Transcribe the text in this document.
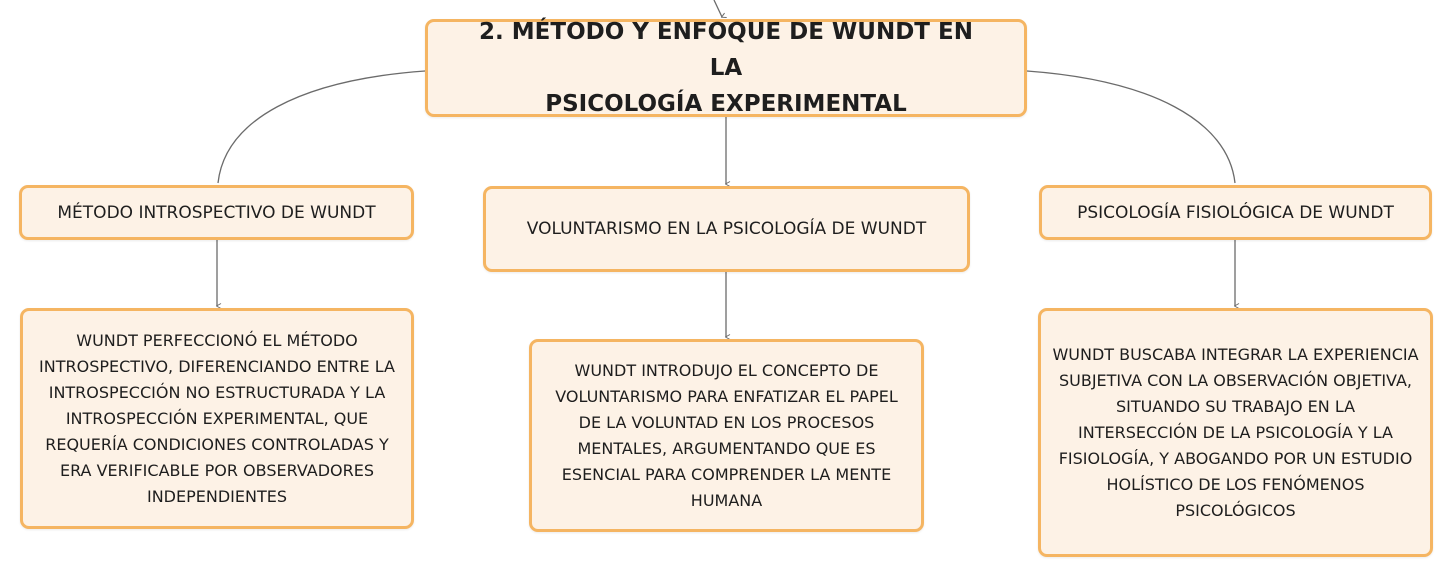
2. MÉTODO Y ENFOQUE DE WUNDT EN LA
PSICOLOGÍA EXPERIMENTAL
MÉTODO INTROSPECTIVO DE WUNDT
VOLUNTARISMO EN LA PSICOLOGÍA DE WUNDT
PSICOLOGÍA FISIOLÓGICA DE WUNDT
WUNDT PERFECCIONÓ EL MÉTODO
INTROSPECTIVO, DIFERENCIANDO ENTRE LA
INTROSPECCIÓN NO ESTRUCTURADA Y LA
INTROSPECCIÓN EXPERIMENTAL, QUE
REQUERÍA CONDICIONES CONTROLADAS Y
ERA VERIFICABLE POR OBSERVADORES
INDEPENDIENTES
WUNDT INTRODUJO EL CONCEPTO DE
VOLUNTARISMO PARA ENFATIZAR EL PAPEL
DE LA VOLUNTAD EN LOS PROCESOS
MENTALES, ARGUMENTANDO QUE ES
ESENCIAL PARA COMPRENDER LA MENTE
HUMANA
WUNDT BUSCABA INTEGRAR LA EXPERIENCIA
SUBJETIVA CON LA OBSERVACIÓN OBJETIVA,
SITUANDO SU TRABAJO EN LA
INTERSECCIÓN DE LA PSICOLOGÍA Y LA
FISIOLOGÍA, Y ABOGANDO POR UN ESTUDIO
HOLÍSTICO DE LOS FENÓMENOS
PSICOLÓGICOS
